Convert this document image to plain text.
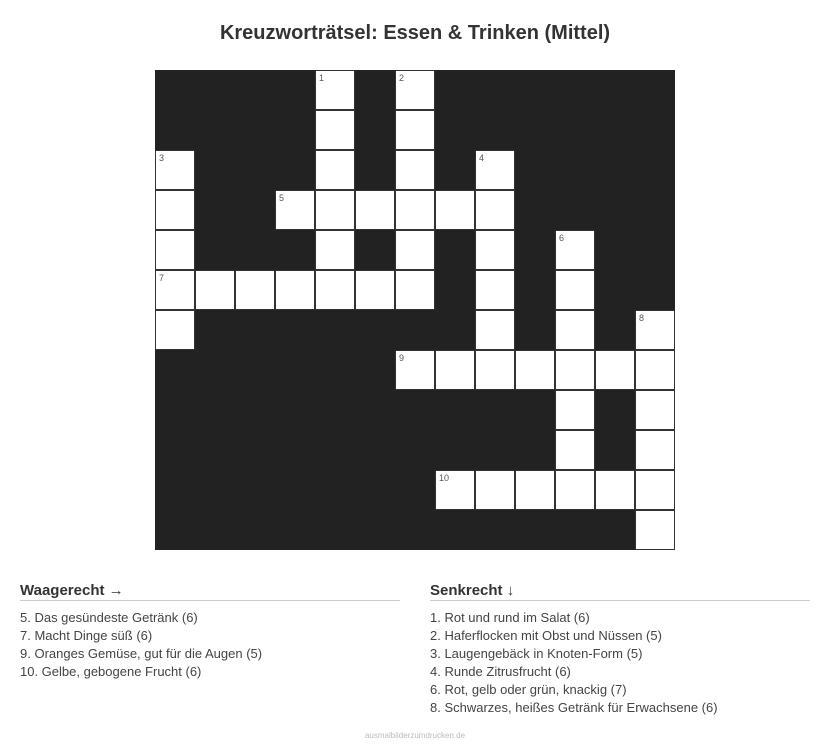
Kreuzworträtsel: Essen & Trinken (Mittel)
1	2
3	4
5
6
7
8
9
10
Waagerecht →
5. Das gesündeste Getränk (6)
7. Macht Dinge süß (6)
9. Oranges Gemüse, gut für die Augen (5)
10. Gelbe, gebogene Frucht (6)
Senkrecht ↓
1. Rot und rund im Salat (6)
2. Haferflocken mit Obst und Nüssen (5)
3. Laugengebäck in Knoten-Form (5)
4. Runde Zitrusfrucht (6)
6. Rot, gelb oder grün, knackig (7)
8. Schwarzes, heißes Getränk für Erwachsene (6)
ausmalbilderzumdrucken.de
